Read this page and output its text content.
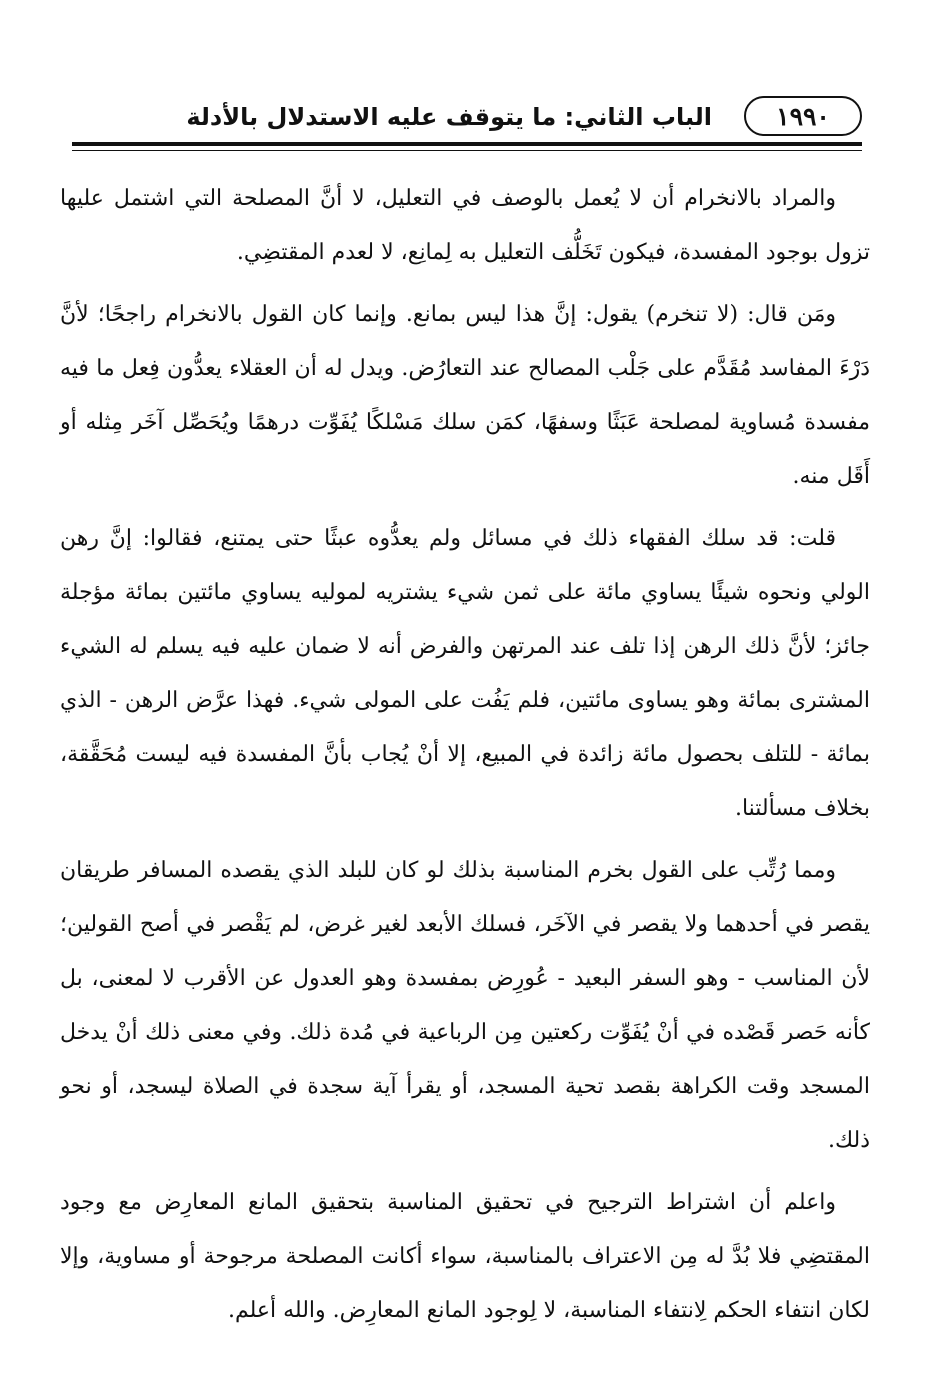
١٩٩٠
الباب الثاني: ما يتوقف عليه الاستدلال بالأدلة

والمراد بالانخرام أن لا يُعمل بالوصف في التعليل، لا أنَّ المصلحة التي اشتمل عليها تزول بوجود المفسدة، فيكون تَخَلُّف التعليل به لِمانِع، لا لعدم المقتضِي.

ومَن قال: (لا تنخرم) يقول: إنَّ هذا ليس بمانع. وإنما كان القول بالانخرام راجحًا؛ لأنَّ دَرْءَ المفاسد مُقَدَّم على جَلْب المصالح عند التعارُض. ويدل له أن العقلاء يعدُّون فِعل ما فيه مفسدة مُساوية لمصلحة عَبَثًا وسفهًا، كمَن سلك مَسْلكًا يُفَوِّت درهمًا ويُحَصِّل آخَر مِثله أو أَقَل منه.

قلت: قد سلك الفقهاء ذلك في مسائل ولم يعدُّوه عبثًا حتى يمتنع، فقالوا: إنَّ رهن الولي ونحوه شيئًا يساوي مائة على ثمن شيء يشتريه لموليه يساوي مائتين بمائة مؤجلة جائز؛ لأنَّ ذلك الرهن إذا تلف عند المرتهن والفرض أنه لا ضمان عليه فيه يسلم له الشيء المشترى بمائة وهو يساوى مائتين، فلم يَفُت على المولى شيء. فهذا عرَّض الرهن - الذي بمائة - للتلف بحصول مائة زائدة في المبيع، إلا أنْ يُجاب بأنَّ المفسدة فيه ليست مُحَقَّقة، بخلاف مسألتنا.

ومما رُتِّب على القول بخرم المناسبة بذلك لو كان للبلد الذي يقصده المسافر طريقان يقصر في أحدهما ولا يقصر في الآخَر، فسلك الأبعد لغير غرض، لم يَقْصر في أصح القولين؛ لأن المناسب - وهو السفر البعيد - عُورِض بمفسدة وهو العدول عن الأقرب لا لمعنى، بل كأنه حَصر قَصْده في أنْ يُفَوِّت ركعتين مِن الرباعية في مُدة ذلك. وفي معنى ذلك أنْ يدخل المسجد وقت الكراهة بقصد تحية المسجد، أو يقرأ آية سجدة في الصلاة ليسجد، أو نحو ذلك.

واعلم أن اشتراط الترجيح في تحقيق المناسبة بتحقيق المانع المعارِض مع وجود المقتضِي فلا بُدَّ له مِن الاعتراف بالمناسبة، سواء أكانت المصلحة مرجوحة أو مساوية، وإلا لكان انتفاء الحكم لِانتفاء المناسبة، لا لِوجود المانع المعارِض. والله أعلم.
